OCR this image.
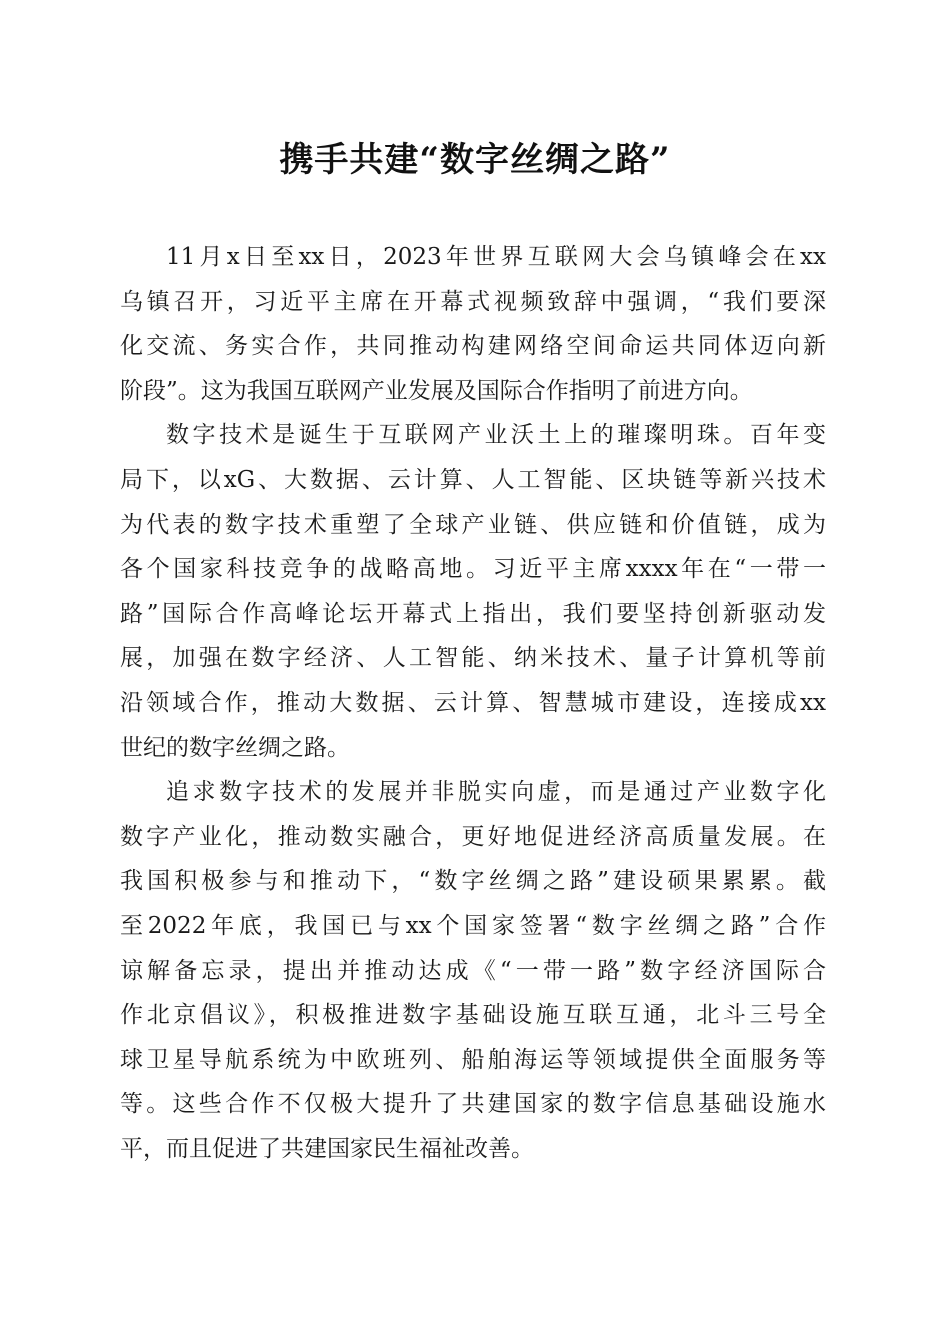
携手共建“数字丝绸之路”
11月x日至xx日，2023年世界互联网大会乌镇峰会在xx
乌镇召开，习近平主席在开幕式视频致辞中强调，“我们要深
化交流、务实合作，共同推动构建网络空间命运共同体迈向新
阶段”。这为我国互联网产业发展及国际合作指明了前进方向。
数字技术是诞生于互联网产业沃土上的璀璨明珠。百年变
局下，以xG、大数据、云计算、人工智能、区块链等新兴技术
为代表的数字技术重塑了全球产业链、供应链和价值链，成为
各个国家科技竞争的战略高地。习近平主席xxxx年在“一带一
路”国际合作高峰论坛开幕式上指出，我们要坚持创新驱动发
展，加强在数字经济、人工智能、纳米技术、量子计算机等前
沿领域合作，推动大数据、云计算、智慧城市建设，连接成xx
世纪的数字丝绸之路。
追求数字技术的发展并非脱实向虚，而是通过产业数字化
数字产业化，推动数实融合，更好地促进经济高质量发展。在
我国积极参与和推动下，“数字丝绸之路”建设硕果累累。截
至2022年底，我国已与xx个国家签署“数字丝绸之路”合作
谅解备忘录，提出并推动达成《“一带一路”数字经济国际合
作北京倡议》，积极推进数字基础设施互联互通，北斗三号全
球卫星导航系统为中欧班列、船舶海运等领域提供全面服务等
等。这些合作不仅极大提升了共建国家的数字信息基础设施水
平，而且促进了共建国家民生福祉改善。
